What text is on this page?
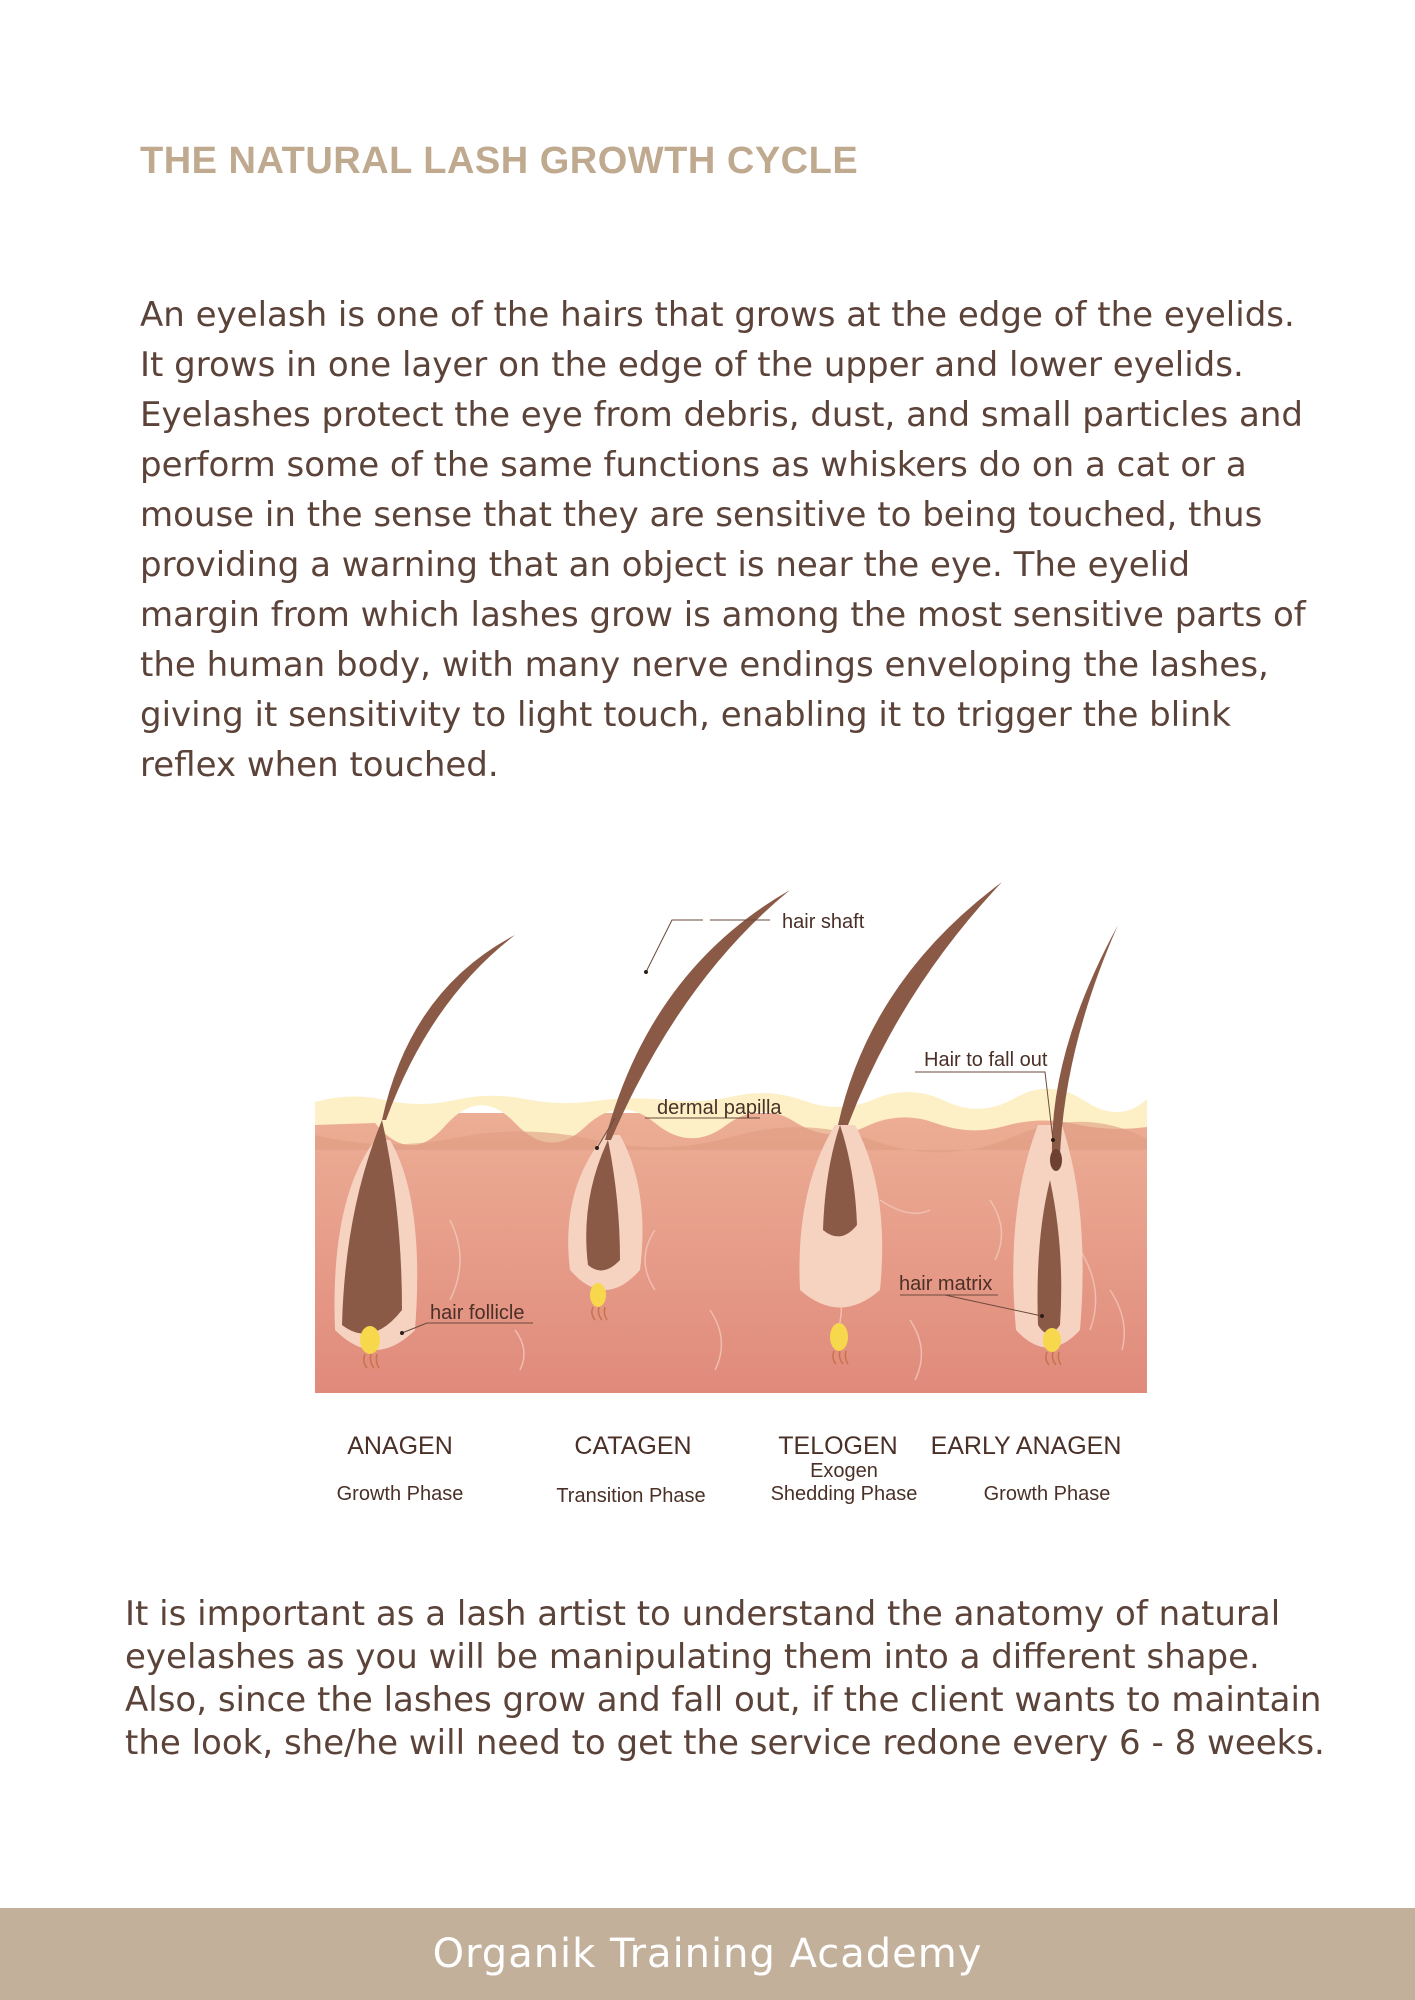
THE NATURAL LASH GROWTH CYCLE

An eyelash is one of the hairs that grows at the edge of the eyelids. It grows in one layer on the edge of the upper and lower eyelids. Eyelashes protect the eye from debris, dust, and small particles and perform some of the same functions as whiskers do on a cat or a mouse in the sense that they are sensitive to being touched, thus providing a warning that an object is near the eye. The eyelid margin from which lashes grow is among the most sensitive parts of the human body, with many nerve endings enveloping the lashes, giving it sensitivity to light touch, enabling it to trigger the blink reflex when touched.

hair shaft
Hair to fall out
dermal papilla
hair follicle
hair matrix
ANAGEN	CATAGEN	TELOGEN EARLY ANAGEN
Exogen
Growth Phase	Transition Phase	Shedding Phase	Growth Phase

It is important as a lash artist to understand the anatomy of natural eyelashes as you will be manipulating them into a different shape. Also, since the lashes grow and fall out, if the client wants to maintain the look, she/he will need to get the service redone every 6 - 8 weeks.

Organik Training Academy
